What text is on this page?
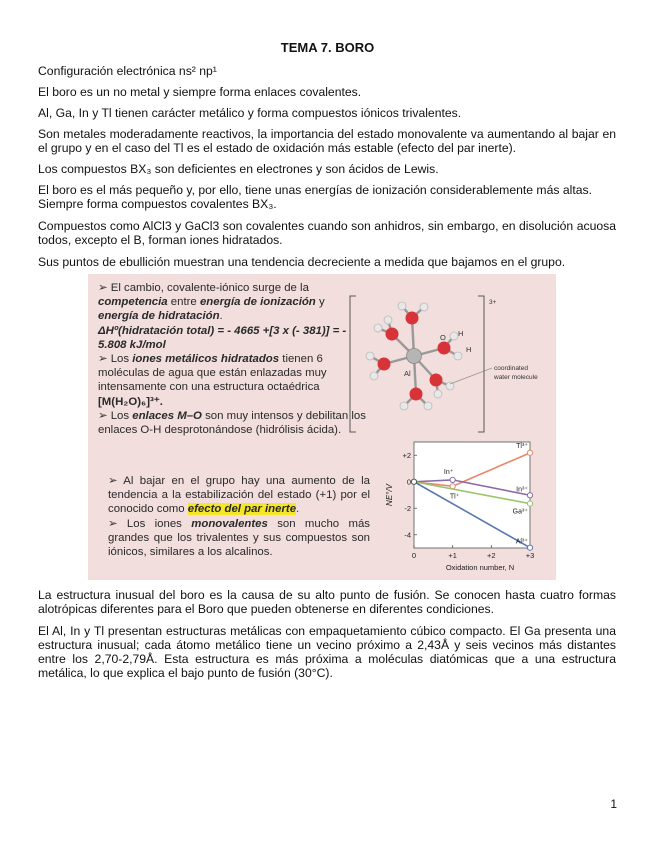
TEMA 7. BORO
Configuración electrónica ns² np¹
El boro es un no metal y siempre forma enlaces covalentes.
Al, Ga, In y Tl tienen carácter metálico y forma compuestos iónicos trivalentes.
Son metales moderadamente reactivos, la importancia del estado monovalente va aumentando al bajar en el grupo y en el caso del Tl es el estado de oxidación más estable (efecto del par inerte).
Los compuestos BX₃ son deficientes en electrones y son ácidos de Lewis.
El boro es el más pequeño y, por ello, tiene unas energías de ionización considerablemente más altas. Siempre forma compuestos covalentes BX₃.
Compuestos como AlCl3 y GaCl3 son covalentes cuando son anhidros, sin embargo, en disolución acuosa todos, excepto el B, forman iones hidratados.
Sus puntos de ebullición muestran una tendencia decreciente a medida que bajamos en el grupo.
➢ El cambio, covalente-iónico surge de la competencia entre energía de ionización y energía de hidratación.
ΔHº(hidratación total) = - 4665 +[3 x (- 381)] = - 5.808 kJ/mol
➢ Los iones metálicos hidratados tienen 6 moléculas de agua que están enlazadas muy intensamente con una estructura octaédrica [M(H₂O)₆]³⁺.
➢ Los enlaces M–O son muy intensos y debilitan los enlaces O-H desprotonándose (hidrólisis ácida).
➢ Al bajar en el grupo hay una aumento de la tendencia a la estabilización del estado (+1) por el conocido como efecto del par inerte.
➢ Los iones monovalentes son mucho más grandes que los trivalentes y sus compuestos son iónicos, similares a los alcalinos.
Al
O H
H
3+
coordinated
water molecule
+2
0
-2
-4
0	+1	+2	+3
Oxidation number, N
NE°/V
Tl³⁺
In³⁺
Ga³⁺
Al³⁺
In⁺
Tl⁺
La estructura inusual del boro es la causa de su alto punto de fusión. Se conocen hasta cuatro formas alotrópicas diferentes para el Boro que pueden obtenerse en diferentes condiciones.
El Al, In y Tl presentan estructuras metálicas con empaquetamiento cúbico compacto. El Ga presenta una estructura inusual; cada átomo metálico tiene un vecino próximo a 2,43Å y seis vecinos más distantes entre los 2,70-2,79Å. Esta estructura es más próxima a moléculas diatómicas que a una estructura metálica, lo que explica el bajo punto de fusión (30°C).
1
